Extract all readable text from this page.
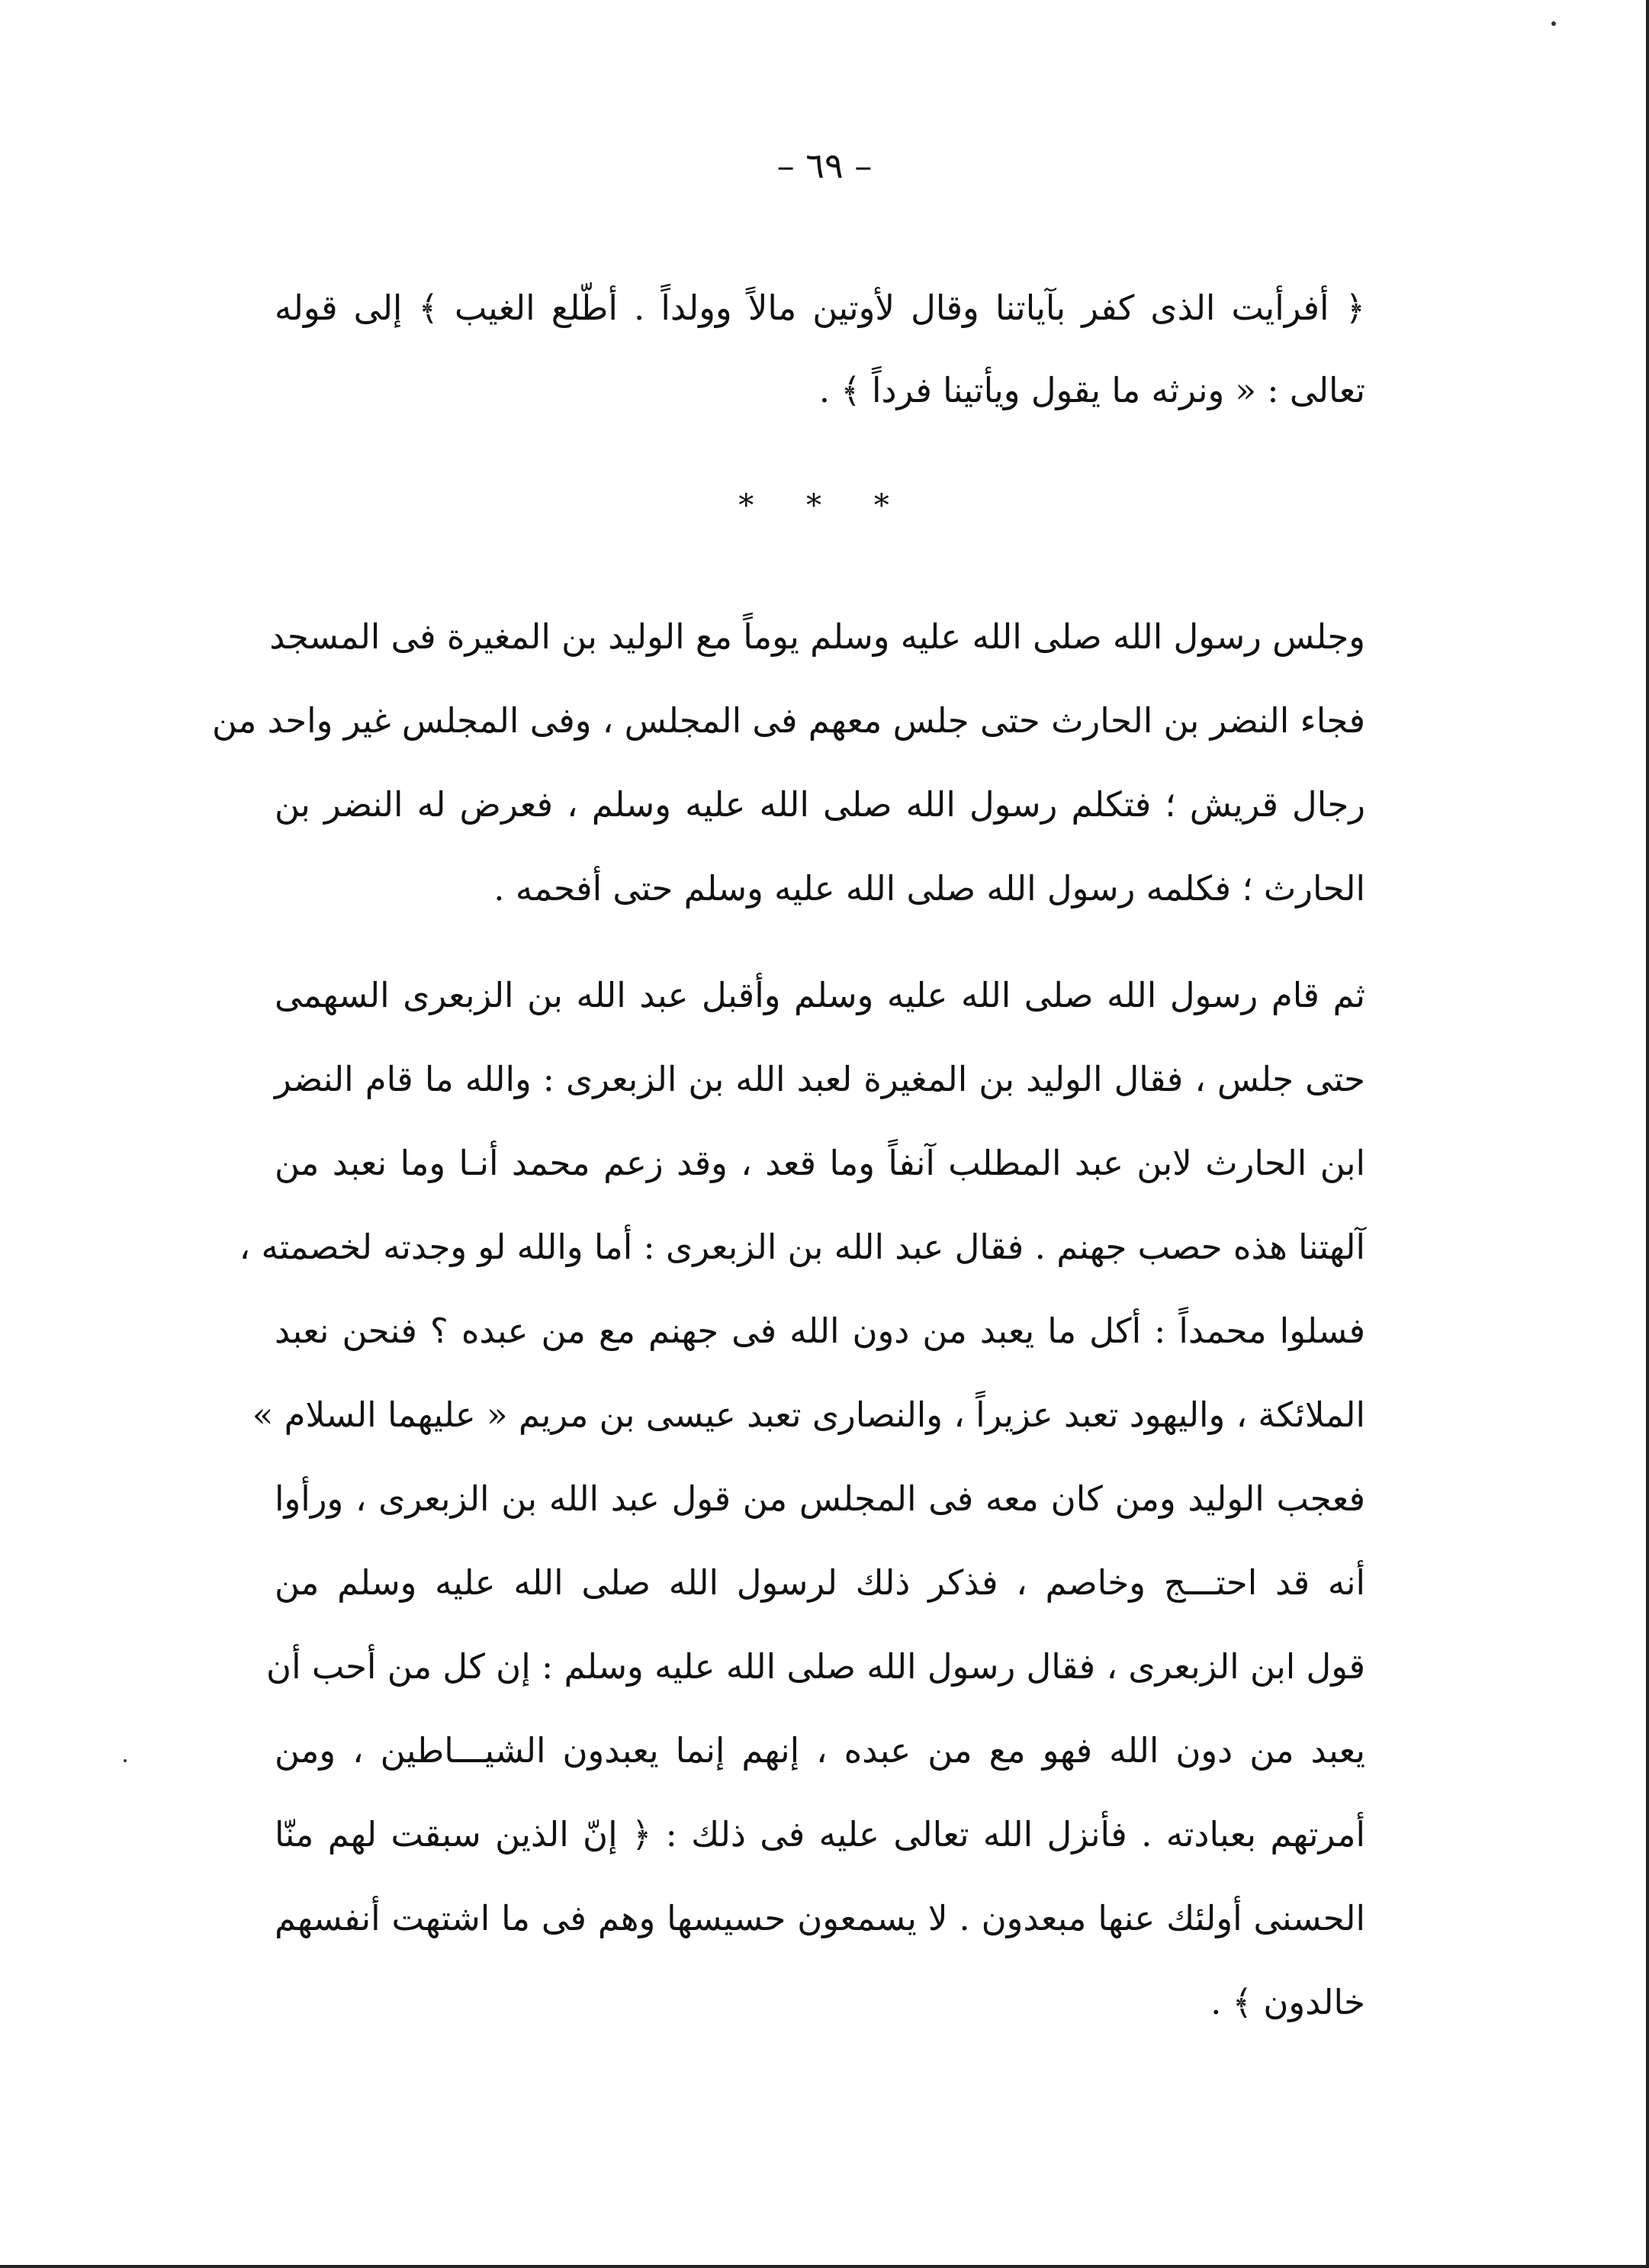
– ٦٩ –
﴿ أفرأيت الذى كفر بآياتنا وقال لأوتين مالاً وولداً . أطّلع الغيب ﴾ إلى قوله
تعالى : « ونرثه ما يقول ويأتينا فرداً ﴾ .
* * *
وجلس رسول الله صلى الله عليه وسلم يوماً مع الوليد بن المغيرة فى المسجد
فجاء النضر بن الحارث حتى جلس معهم فى المجلس ، وفى المجلس غير واحد من
رجال قريش ؛ فتكلم رسول الله صلى الله عليه وسلم ، فعرض له النضر بن
الحارث ؛ فكلمه رسول الله صلى الله عليه وسلم حتى أفحمه .
ثم قام رسول الله صلى الله عليه وسلم وأقبل عبد الله بن الزبعرى السهمى
حتى جلس ، فقال الوليد بن المغيرة لعبد الله بن الزبعرى : والله ما قام النضر
ابن الحارث لابن عبد المطلب آنفاً وما قعد ، وقد زعم محمد أنـا وما نعبد من
آلهتنا هذه حصب جهنم . فقال عبد الله بن الزبعرى : أما والله لو وجدته لخصمته ،
فسلوا محمداً : أكل ما يعبد من دون الله فى جهنم مع من عبده ؟ فنحن نعبد
الملائكة ، واليهود تعبد عزيراً ، والنصارى تعبد عيسى بن مريم « عليهما السلام »
فعجب الوليد ومن كان معه فى المجلس من قول عبد الله بن الزبعرى ، ورأوا
أنه قد احتـــج وخاصم ، فذكر ذلك لرسول الله صلى الله عليه وسلم من
قول ابن الزبعرى ، فقال رسول الله صلى الله عليه وسلم : إن كل من أحب أن
يعبد من دون الله فهو مع من عبده ، إنهم إنما يعبدون الشيـــاطين ، ومن
أمرتهم بعبادته . فأنزل الله تعالى عليه فى ذلك : ﴿ إنّ الذين سبقت لهم منّا
الحسنى أولئك عنها مبعدون . لا يسمعون حسيسها وهم فى ما اشتهت أنفسهم
خالدون ﴾ .
